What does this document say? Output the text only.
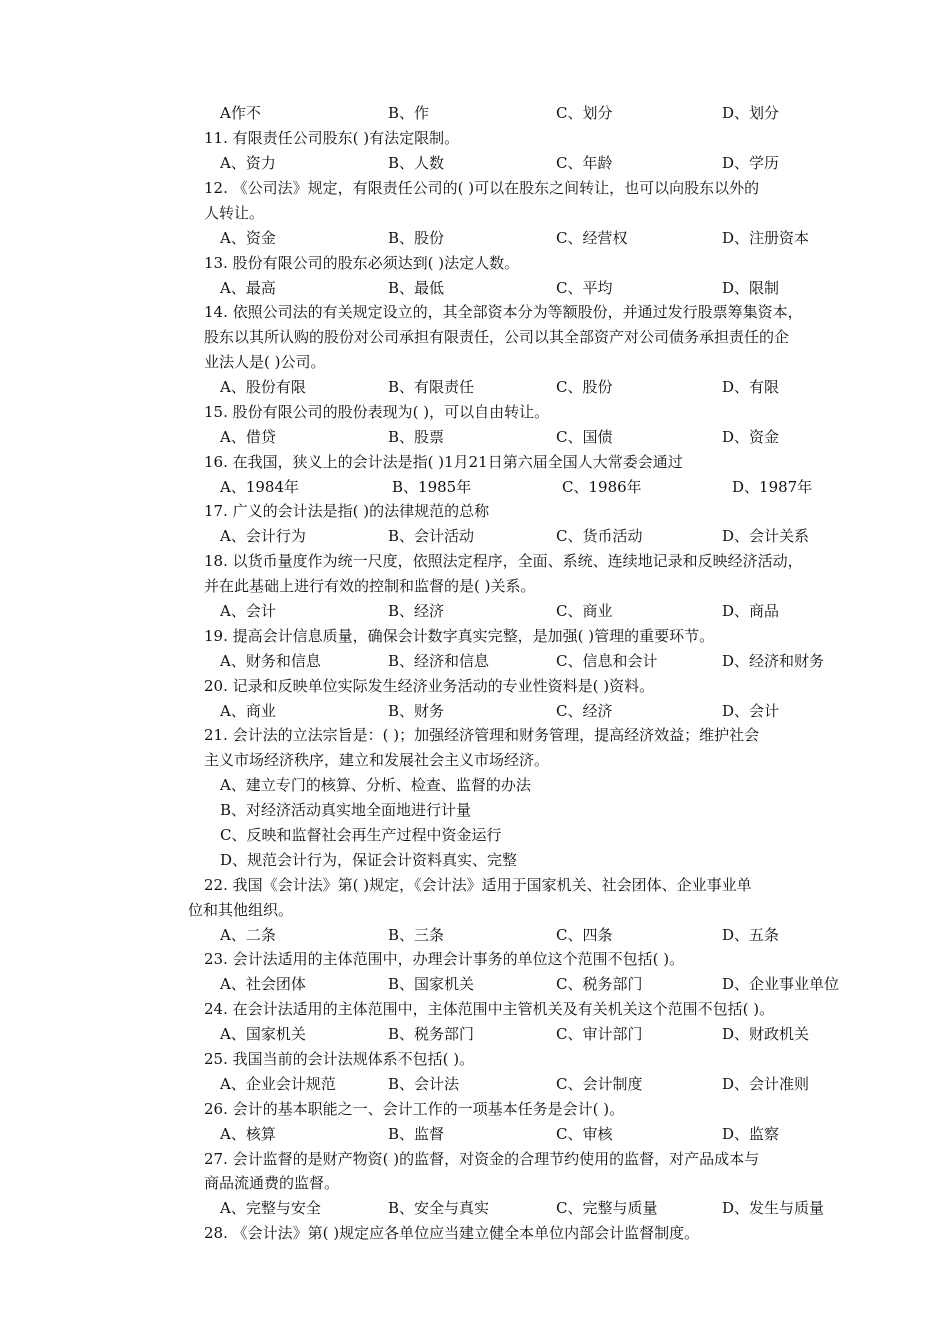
A作不	B、作	C、划分	D、划分
11. 有限责任公司股东( )有法定限制。
A、资力	B、人数	C、年龄	D、学历
12. 《公司法》规定，有限责任公司的( )可以在股东之间转让，也可以向股东以外的
人转让。
A、资金	B、股份	C、经营权	D、注册资本
13. 股份有限公司的股东必须达到( )法定人数。
A、最高	B、最低	C、平均	D、限制
14. 依照公司法的有关规定设立的，其全部资本分为等额股份，并通过发行股票筹集资本，
股东以其所认购的股份对公司承担有限责任，公司以其全部资产对公司债务承担责任的企
业法人是( )公司。
A、股份有限	B、有限责任	C、股份	D、有限
15. 股份有限公司的股份表现为( )，可以自由转让。
A、借贷	B、股票	C、国债	D、资金
16. 在我国，狭义上的会计法是指( )1月21日第六届全国人大常委会通过
A、1984年	B、1985年	C、1986年	D、1987年
17. 广义的会计法是指( )的法律规范的总称
A、会计行为	B、会计活动	C、货币活动	D、会计关系
18. 以货币量度作为统一尺度，依照法定程序，全面、系统、连续地记录和反映经济活动，
并在此基础上进行有效的控制和监督的是( )关系。
A、会计	B、经济	C、商业	D、商品
19. 提高会计信息质量，确保会计数字真实完整，是加强( )管理的重要环节。
A、财务和信息	B、经济和信息	C、信息和会计	D、经济和财务
20. 记录和反映单位实际发生经济业务活动的专业性资料是( )资料。
A、商业	B、财务	C、经济	D、会计
21. 会计法的立法宗旨是：( )；加强经济管理和财务管理，提高经济效益；维护社会
主义市场经济秩序，建立和发展社会主义市场经济。
A、建立专门的核算、分析、检查、监督的办法
B、对经济活动真实地全面地进行计量
C、反映和监督社会再生产过程中资金运行
D、规范会计行为，保证会计资料真实、完整
22. 我国《会计法》第( )规定，《会计法》适用于国家机关、社会团体、企业事业单
位和其他组织。
A、二条	B、三条	C、四条	D、五条
23. 会计法适用的主体范围中，办理会计事务的单位这个范围不包括( )。
A、社会团体	B、国家机关	C、税务部门	D、企业事业单位
24. 在会计法适用的主体范围中，主体范围中主管机关及有关机关这个范围不包括( )。
A、国家机关	B、税务部门	C、审计部门	D、财政机关
25. 我国当前的会计法规体系不包括( )。
A、企业会计规范	B、会计法	C、会计制度	D、会计准则
26. 会计的基本职能之一、会计工作的一项基本任务是会计( )。
A、核算	B、监督	C、审核	D、监察
27. 会计监督的是财产物资( )的监督，对资金的合理节约使用的监督，对产品成本与
商品流通费的监督。
A、完整与安全	B、安全与真实	C、完整与质量	D、发生与质量
28. 《会计法》第( )规定应各单位应当建立健全本单位内部会计监督制度。
